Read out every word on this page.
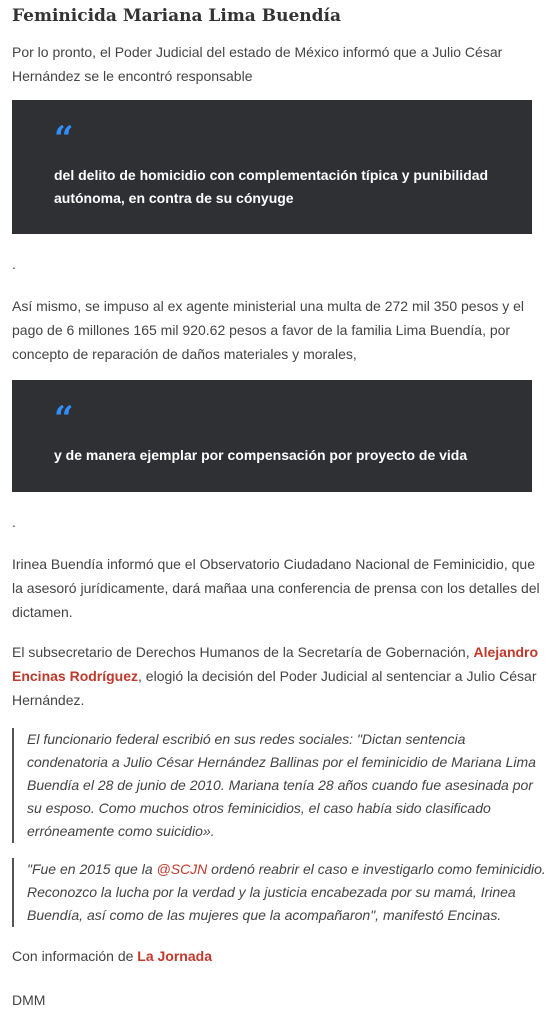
Feminicida Mariana Lima Buendía

Por lo pronto, el Poder Judicial del estado de México informó que a Julio César Hernández se le encontró responsable

“
del delito de homicidio con complementación típica y punibilidad autónoma, en contra de su cónyuge
.

Así mismo, se impuso al ex agente ministerial una multa de 272 mil 350 pesos y el pago de 6 millones 165 mil 920.62 pesos a favor de la familia Lima Buendía, por concepto de reparación de daños materiales y morales,

“
y de manera ejemplar por compensación por proyecto de vida
.

Irinea Buendía informó que el Observatorio Ciudadano Nacional de Feminicidio, que la asesoró jurídicamente, dará mañaa una conferencia de prensa con los detalles del dictamen.

El subsecretario de Derechos Humanos de la Secretaría de Gobernación, Alejandro Encinas Rodríguez, elogió la decisión del Poder Judicial al sentenciar a Julio César Hernández.

El funcionario federal escribió en sus redes sociales: "Dictan sentencia condenatoria a Julio César Hernández Ballinas por el feminicidio de Mariana Lima Buendía el 28 de junio de 2010. Mariana tenía 28 años cuando fue asesinada por su esposo. Como muchos otros feminicidios, el caso había sido clasificado erróneamente como suicidio».
"Fue en 2015 que la @SCJN ordenó reabrir el caso e investigarlo como feminicidio. Reconozco la lucha por la verdad y la justicia encabezada por su mamá, Irinea Buendía, así como de las mujeres que la acompañaron", manifestó Encinas.

Con información de La Jornada

DMM
